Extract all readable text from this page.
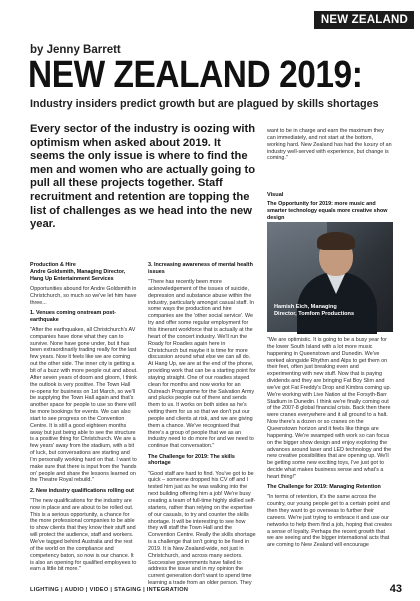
NEW ZEALAND
by Jenny Barrett
NEW ZEALAND 2019:
Industry insiders predict growth but are plagued by skills shortages
Every sector of the industry is oozing with optimism when asked about 2019. It seems the only issue is where to find the men and women who are actually going to pull all these projects together. Staff recruitment and retention are topping the list of challenges as we head into the new year.

Production & Hire

Andre Goldsmith, Managing Director, Hang Up Entertainment Services

Opportunities abound for Andre Goldsmith in Christchurch, so much so we've let him have three...

1. Venues coming onstream post-earthquake

"After the earthquakes, all Christchurch's AV companies have done what they can to survive. None have gone under, but it has been extraordinarily trading really for the last few years. Now it feels like we are coming out the other side. The inner city is getting a bit of a buzz with more people out and about. After seven years of doom and gloom, I think the outlook is very positive. The Town Hall re-opens for business on 1st March, so we'll be supplying the Town Hall again and that's another space for people to use so there will be more bookings for events. We can also start to see progress on the Convention Centre. It is still a good eighteen months away but just being able to see the structure is a positive thing for Christchurch. We are a few years' away from the stadium, with a bit of luck, but conversations are starting and I'm personally working hard on that. I want to make sure that there is input from the 'hands on' people and share the lessons learned on the Theatre Royal rebuild."

2. New industry qualifications rolling out

"The new qualifications for the industry are now in place and are about to be rolled out. This is a serious opportunity, a chance for the more professional companies to be able to show clients that they know their stuff and will protect the audience, staff and workers. We've tagged behind Australia and the rest of the world on the compliance and competency baton, so now is our chance. It is also an opening for qualified employees to earn a little bit more."

3. Increasing awareness of mental health issues

"There has recently been more acknowledgement of the issues of suicide, depression and substance abuse within the industry, particularly amongst casual staff. In some ways the production and hire companies are the 'other social service'. We try and offer some regular employment for this itinerant workforce that is actually at the heart of the concert industry. We'll run the Roady for Roadies again here in Christchurch but maybe it is time for more discussion around what else we can all do. At Hang Up, we are at the end of the phone, providing work that can be a starting point for staying straight. One of our roadies stayed clean for months and now works for an Outreach Programme for the Salvation Army and plucks people out of there and sends them to us. It works on both sides as he's vetting them for us so that we don't put our people and clients at risk, and we are giving them a chance. We've recognised that there's a group of people that we as an industry need to do more for and we need to continue that conversation."

The Challenge for 2019: The skills shortage

"Good staff are hard to find. You've got to be quick – someone dropped his CV off and I tested him just as he was walking into the next building offering him a job! We're busy creating a team of full-time highly skilled self-starters, rather than relying on the expertise of our casuals, to try and counter the skills shortage. It will be interesting to see how they will staff the Town Hall and the Convention Centre. Really the skills shortage is a challenge that isn't going to be fixed in 2019. It is New Zealand-wide, not just in Christchurch, and across many sectors. Successive governments have failed to address the issue and in my opinion the current generation don't want to spend time learning a trade from an older person. They

want to be in charge and earn the maximum they can immediately, and not start at the bottom, working hard. New Zealand has had the luxury of an industry well-served with experience, but change is coming."

Visual
The Opportunity for 2019: more music and smarter technology equals more creative show design
Hamish Eich, Managing
Director, Tomfom Productions

"We are optimistic. It is going to be a busy year for the lower South Island with a lot more music happening in Queenstown and Dunedin. We've worked alongside Rhythm and Alps to get them on their feet, often just breaking even and experimenting with new stuff. Now that is paying dividends and they are bringing Fat Boy Slim and we've got Fat Freddy's Drop and Kimbra coming up. We're working with Live Nation at the Forsyth-Barr Stadium in Dunedin. I think we're finally coming out of the 2007-8 global financial crisis. Back then there were cranes everywhere and it all ground to a halt. Now there's a dozen or so cranes on the Queenstown horizon and it feels like things are happening. We're swamped with work so can focus on the bigger show design and enjoy exploring the advances around laser and LED technology and the new creative possibilities that are opening up. We'll be getting some new exciting toys, I've just got to decide what makes business sense and what's a heart thing!"

The Challenge for 2019: Managing Retention

"In terms of retention, it's the same across the country, our young people get to a certain point and then they want to go overseas to further their careers. We're just trying to embrace it and use our networks to help them find a job, hoping that creates a sense of loyalty. Perhaps the recent growth that we are seeing and the bigger international acts that are coming to New Zealand will encourage

LIGHTING | AUDIO | VIDEO | STAGING | INTEGRATION	43
